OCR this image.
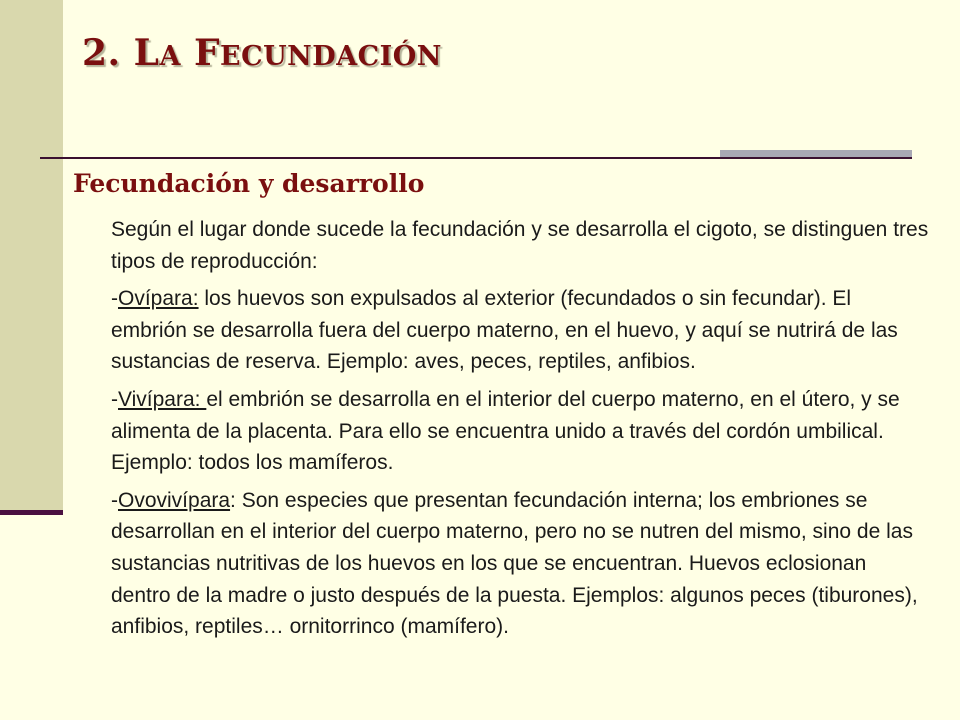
2. LA FECUNDACIÓN
Fecundación y desarrollo

Según el lugar donde sucede la fecundación y se desarrolla el cigoto, se distinguen tres tipos de reproducción:

-Ovípara: los huevos son expulsados al exterior (fecundados o sin fecundar). El embrión se desarrolla fuera del cuerpo materno, en el huevo, y aquí se nutrirá de las sustancias de reserva. Ejemplo: aves, peces, reptiles, anfibios.

-Vivípara: el embrión se desarrolla en el interior del cuerpo materno, en el útero, y se alimenta de la placenta. Para ello se encuentra unido a través del cordón umbilical. Ejemplo: todos los mamíferos.

-Ovovivípara: Son especies que presentan fecundación interna; los embriones se desarrollan en el interior del cuerpo materno, pero no se nutren del mismo, sino de las sustancias nutritivas de los huevos en los que se encuentran. Huevos eclosionan dentro de la madre o justo después de la puesta. Ejemplos: algunos peces (tiburones), anfibios, reptiles… ornitorrinco (mamífero).
